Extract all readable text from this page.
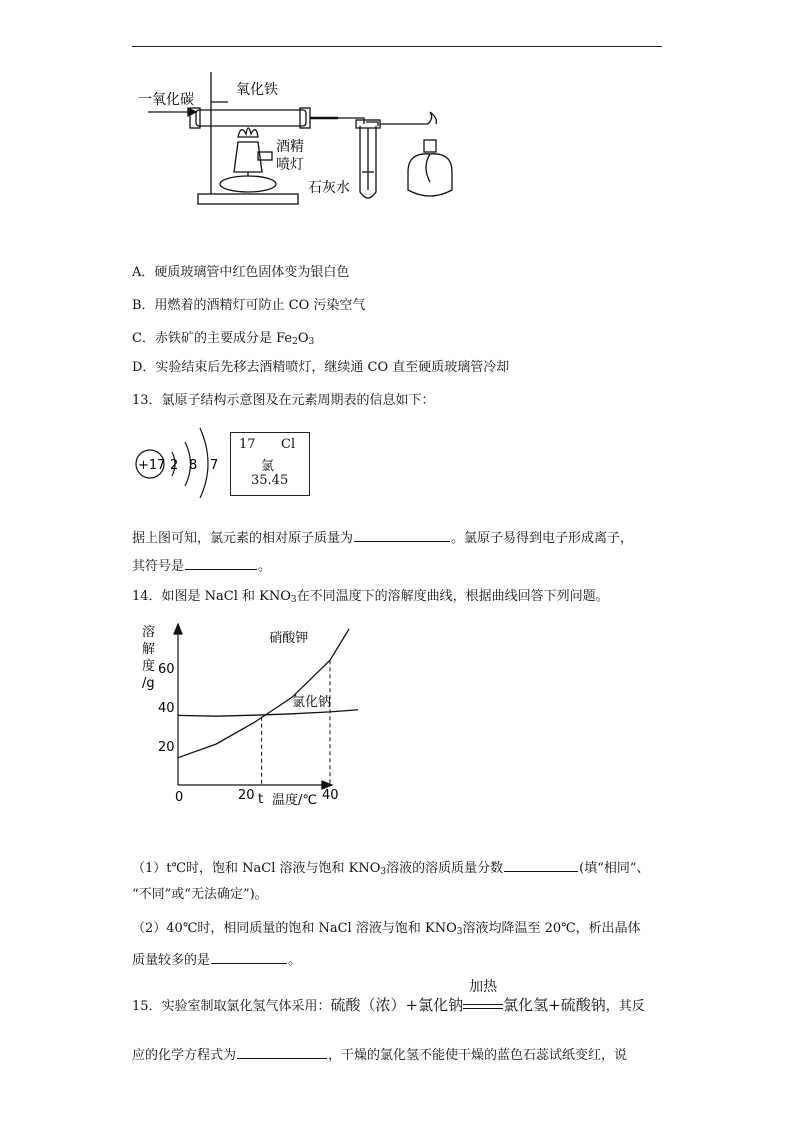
一氧化碳
氧化铁
酒精
喷灯
石灰水
A．硬质玻璃管中红色固体变为银白色
B．用燃着的酒精灯可防止 CO 污染空气
C．赤铁矿的主要成分是 $Fe_2O_3$
D．实验结束后先移去酒精喷灯，继续通 CO 直至硬质玻璃管冷却
13．氯原子结构示意图及在元素周期表的信息如下：
+17 2 8 7
17 Cl
氯
35.45
据上图可知，氯元素的相对原子质量为	。氯原子易得到电子形成离子，
其符号是	。
14．如图是 NaCl 和 $KNO_3$在不同温度下的溶解度曲线，根据曲线回答下列问题。
溶
解
度
/g
60
40
20
0	20 t	40
硝酸钾
氯化钠
温度/℃
（1）t℃时，饱和 NaCl 溶液与饱和 $KNO_3$溶液的溶质质量分数	(填“相同”、
“不同”或“无法确定”)。
（2）40℃时，相同质量的饱和 NaCl 溶液与饱和 $KNO_3$溶液均降温至 20℃，析出晶体
质量较多的是	。
15．实验室制取氯化氢气体采用：硫酸（浓）+氯化钠
加热
氯化氢+硫酸钠，其反
应的化学方程式为	，干燥的氯化氢不能使干燥的蓝色石蕊试纸变红，说
